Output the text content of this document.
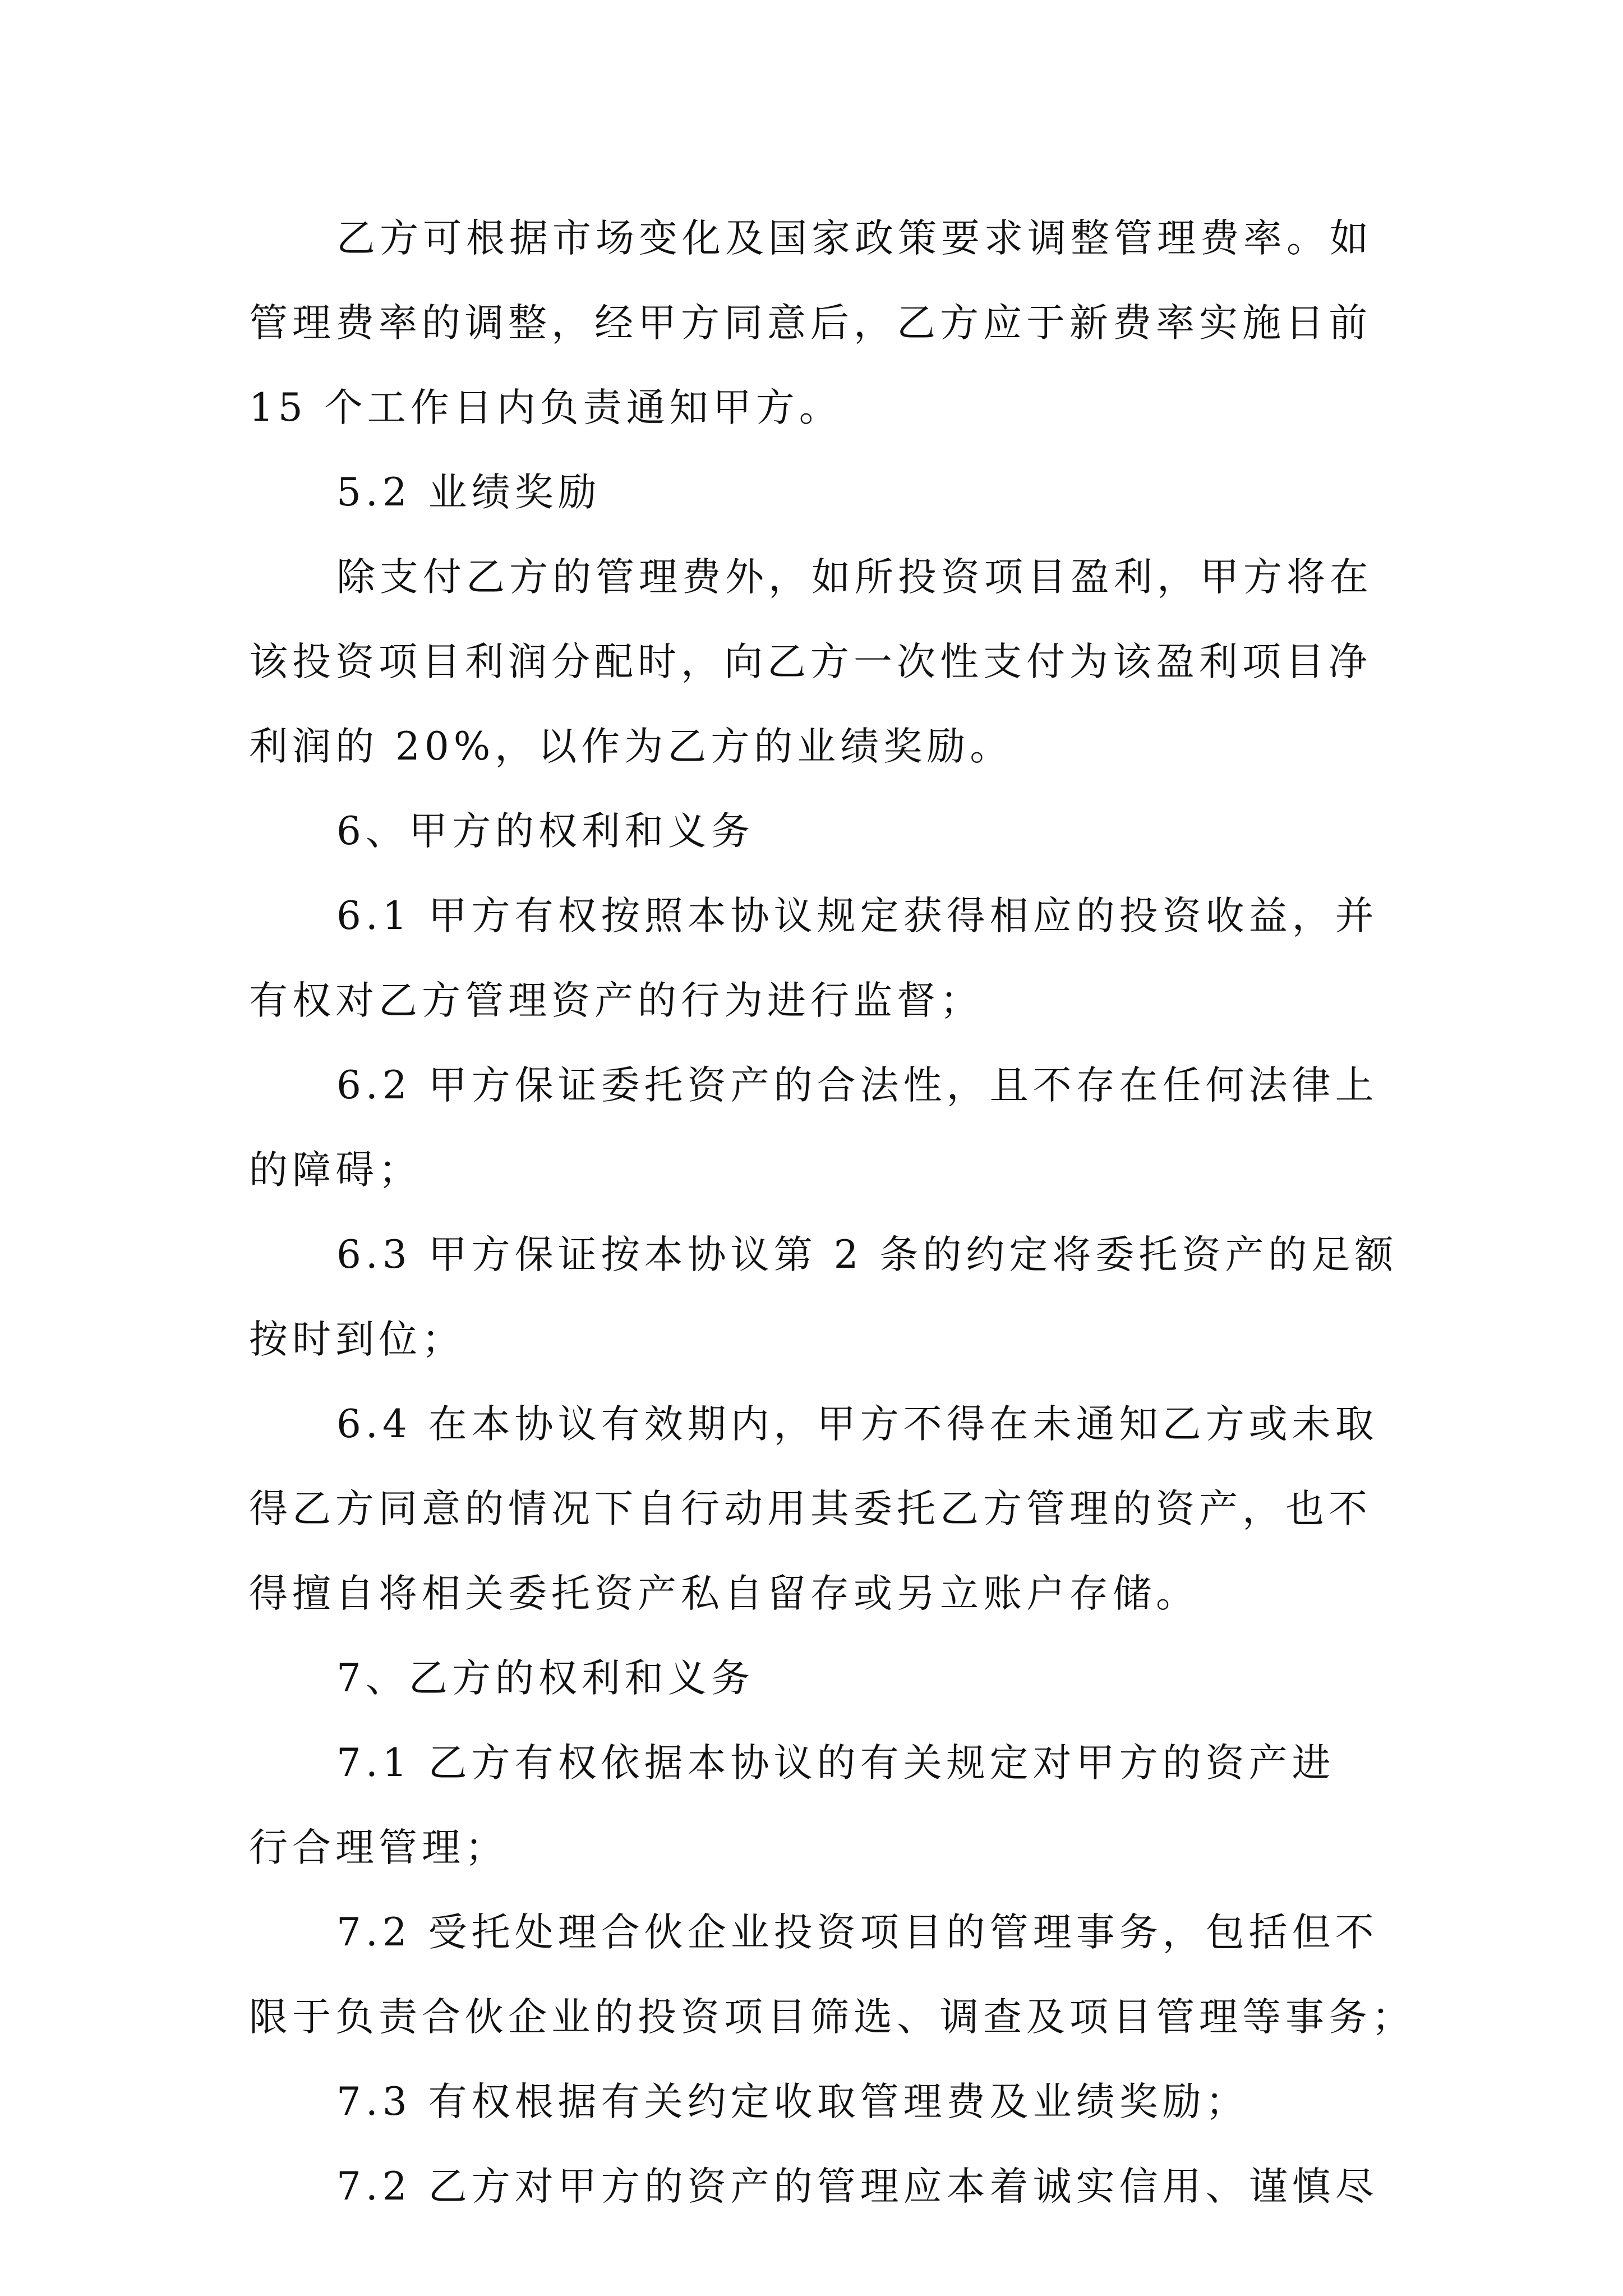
乙方可根据市场变化及国家政策要求调整管理费率。如
管理费率的调整，经甲方同意后，乙方应于新费率实施日前
15 个工作日内负责通知甲方。
5.2 业绩奖励
除支付乙方的管理费外，如所投资项目盈利，甲方将在
该投资项目利润分配时，向乙方一次性支付为该盈利项目净
利润的 20%，以作为乙方的业绩奖励。
6、甲方的权利和义务
6.1 甲方有权按照本协议规定获得相应的投资收益，并
有权对乙方管理资产的行为进行监督；
6.2 甲方保证委托资产的合法性，且不存在任何法律上
的障碍；
6.3 甲方保证按本协议第 2 条的约定将委托资产的足额
按时到位；
6.4 在本协议有效期内，甲方不得在未通知乙方或未取
得乙方同意的情况下自行动用其委托乙方管理的资产，也不
得擅自将相关委托资产私自留存或另立账户存储。
7、乙方的权利和义务
7.1 乙方有权依据本协议的有关规定对甲方的资产进
行合理管理；
7.2 受托处理合伙企业投资项目的管理事务，包括但不
限于负责合伙企业的投资项目筛选、调查及项目管理等事务；
7.3 有权根据有关约定收取管理费及业绩奖励；
7.2 乙方对甲方的资产的管理应本着诚实信用、谨慎尽
